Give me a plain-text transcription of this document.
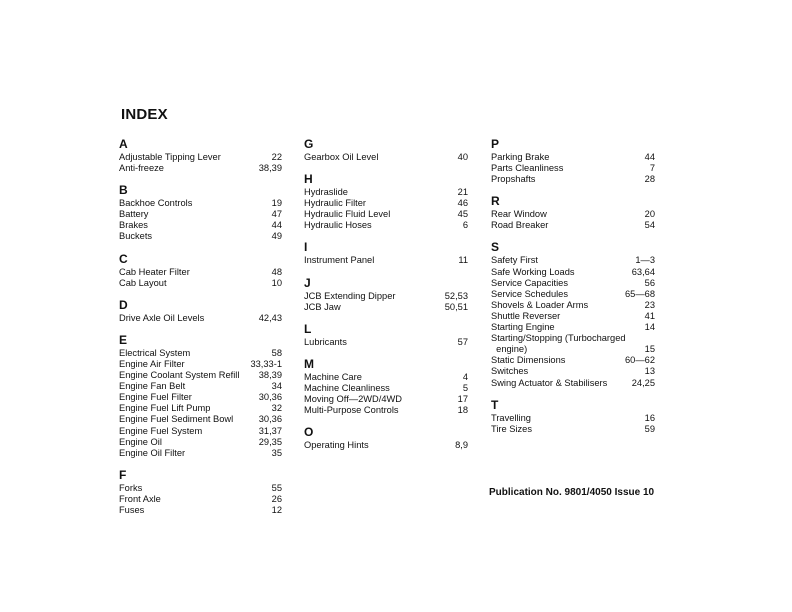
INDEX
A
Adjustable Tipping Lever	22
Anti-freeze	38,39
B
Backhoe Controls	19
Battery	47
Brakes	44
Buckets	49
C
Cab Heater Filter	48
Cab Layout	10
D
Drive Axle Oil Levels	42,43
E
Electrical System	58
Engine Air Filter	33,33-1
Engine Coolant System Refill	38,39
Engine Fan Belt	34
Engine Fuel Filter	30,36
Engine Fuel Lift Pump	32
Engine Fuel Sediment Bowl	30,36
Engine Fuel System	31,37
Engine Oil	29,35
Engine Oil Filter	35
F
Forks	55
Front Axle	26
Fuses	12
G
Gearbox Oil Level	40
H
Hydraslide	21
Hydraulic Filter	46
Hydraulic Fluid Level	45
Hydraulic Hoses	6
I
Instrument Panel	11
J
JCB Extending Dipper	52,53
JCB Jaw	50,51
L
Lubricants	57
M
Machine Care	4
Machine Cleanliness	5
Moving Off—2WD/4WD	17
Multi-Purpose Controls	18
O
Operating Hints	8,9
P
Parking Brake	44
Parts Cleanliness	7
Propshafts	28
R
Rear Window	20
Road Breaker	54
S
Safety First	1—3
Safe Working Loads	63,64
Service Capacities	56
Service Schedules	65—68
Shovels & Loader Arms	23
Shuttle Reverser	41
Starting Engine	14
Starting/Stopping (Turbocharged
engine)	15
Static Dimensions	60—62
Switches	13
Swing Actuator & Stabilisers	24,25
T
Travelling	16
Tire Sizes	59
Publication No. 9801/4050 Issue 10
